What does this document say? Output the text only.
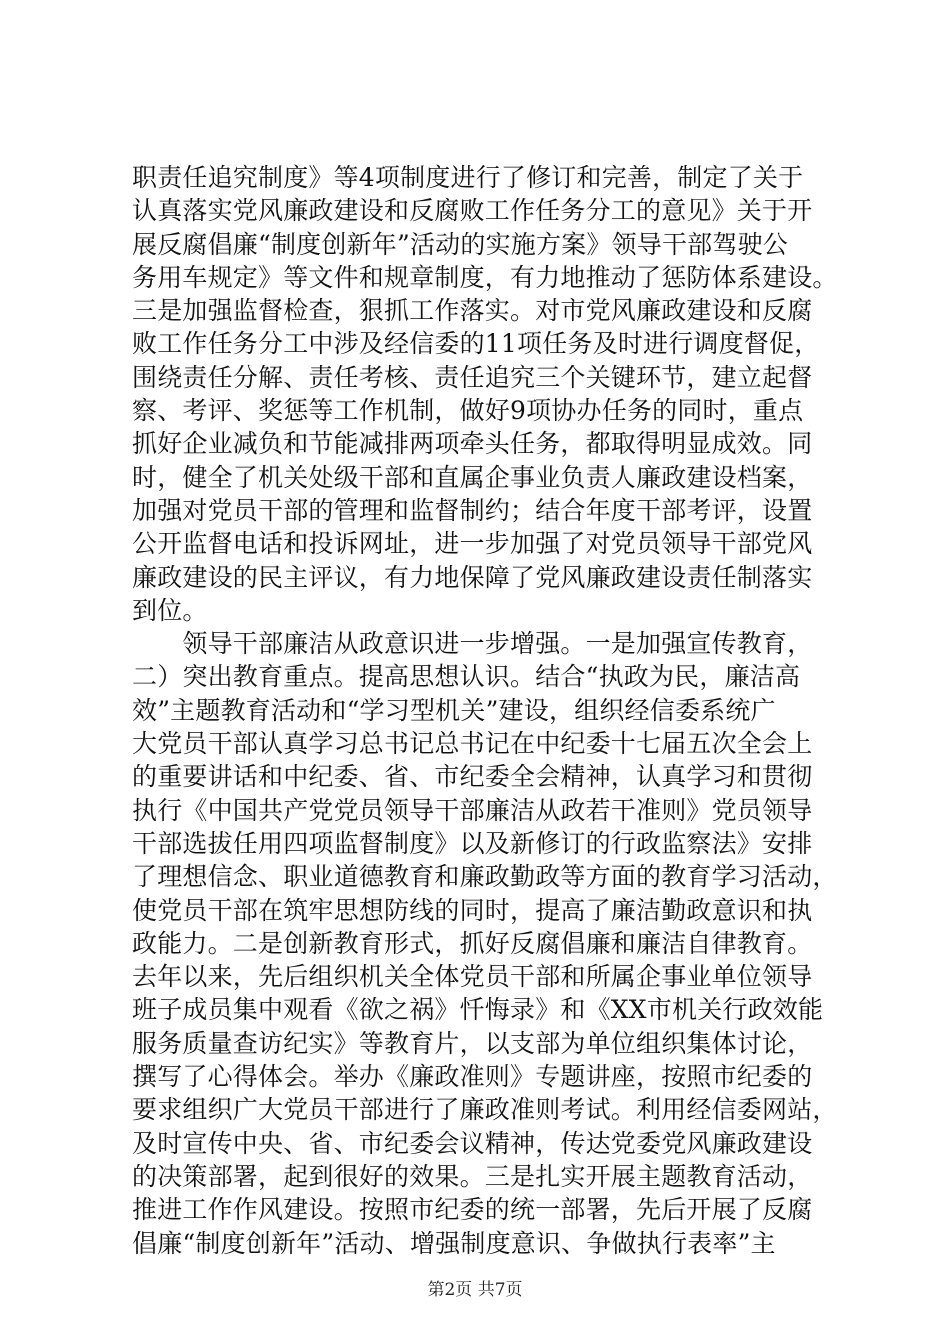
职责任追究制度》等4项制度进行了修订和完善，制定了关于
认真落实党风廉政建设和反腐败工作任务分工的意见》关于开
展反腐倡廉“制度创新年”活动的实施方案》领导干部驾驶公
务用车规定》等文件和规章制度，有力地推动了惩防体系建设。
三是加强监督检查，狠抓工作落实。对市党风廉政建设和反腐
败工作任务分工中涉及经信委的11项任务及时进行调度督促，
围绕责任分解、责任考核、责任追究三个关键环节，建立起督
察、考评、奖惩等工作机制，做好9项协办任务的同时，重点
抓好企业减负和节能减排两项牵头任务，都取得明显成效。同
时，健全了机关处级干部和直属企事业负责人廉政建设档案，
加强对党员干部的管理和监督制约；结合年度干部考评，设置
公开监督电话和投诉网址，进一步加强了对党员领导干部党风
廉政建设的民主评议，有力地保障了党风廉政建设责任制落实
到位。
　　领导干部廉洁从政意识进一步增强。一是加强宣传教育，
二）突出教育重点。提高思想认识。结合“执政为民，廉洁高
效”主题教育活动和“学习型机关”建设，组织经信委系统广
大党员干部认真学习总书记总书记在中纪委十七届五次全会上
的重要讲话和中纪委、省、市纪委全会精神，认真学习和贯彻
执行《中国共产党党员领导干部廉洁从政若干准则》党员领导
干部选拔任用四项监督制度》以及新修订的行政监察法》安排
了理想信念、职业道德教育和廉政勤政等方面的教育学习活动，
使党员干部在筑牢思想防线的同时，提高了廉洁勤政意识和执
政能力。二是创新教育形式，抓好反腐倡廉和廉洁自律教育。
去年以来，先后组织机关全体党员干部和所属企事业单位领导
班子成员集中观看《欲之祸》忏悔录》和《XX市机关行政效能
服务质量查访纪实》等教育片，以支部为单位组织集体讨论，
撰写了心得体会。举办《廉政准则》专题讲座，按照市纪委的
要求组织广大党员干部进行了廉政准则考试。利用经信委网站，
及时宣传中央、省、市纪委会议精神，传达党委党风廉政建设
的决策部署，起到很好的效果。三是扎实开展主题教育活动，
推进工作作风建设。按照市纪委的统一部署，先后开展了反腐
倡廉“制度创新年”活动、增强制度意识、争做执行表率”主
第2页 共7页
